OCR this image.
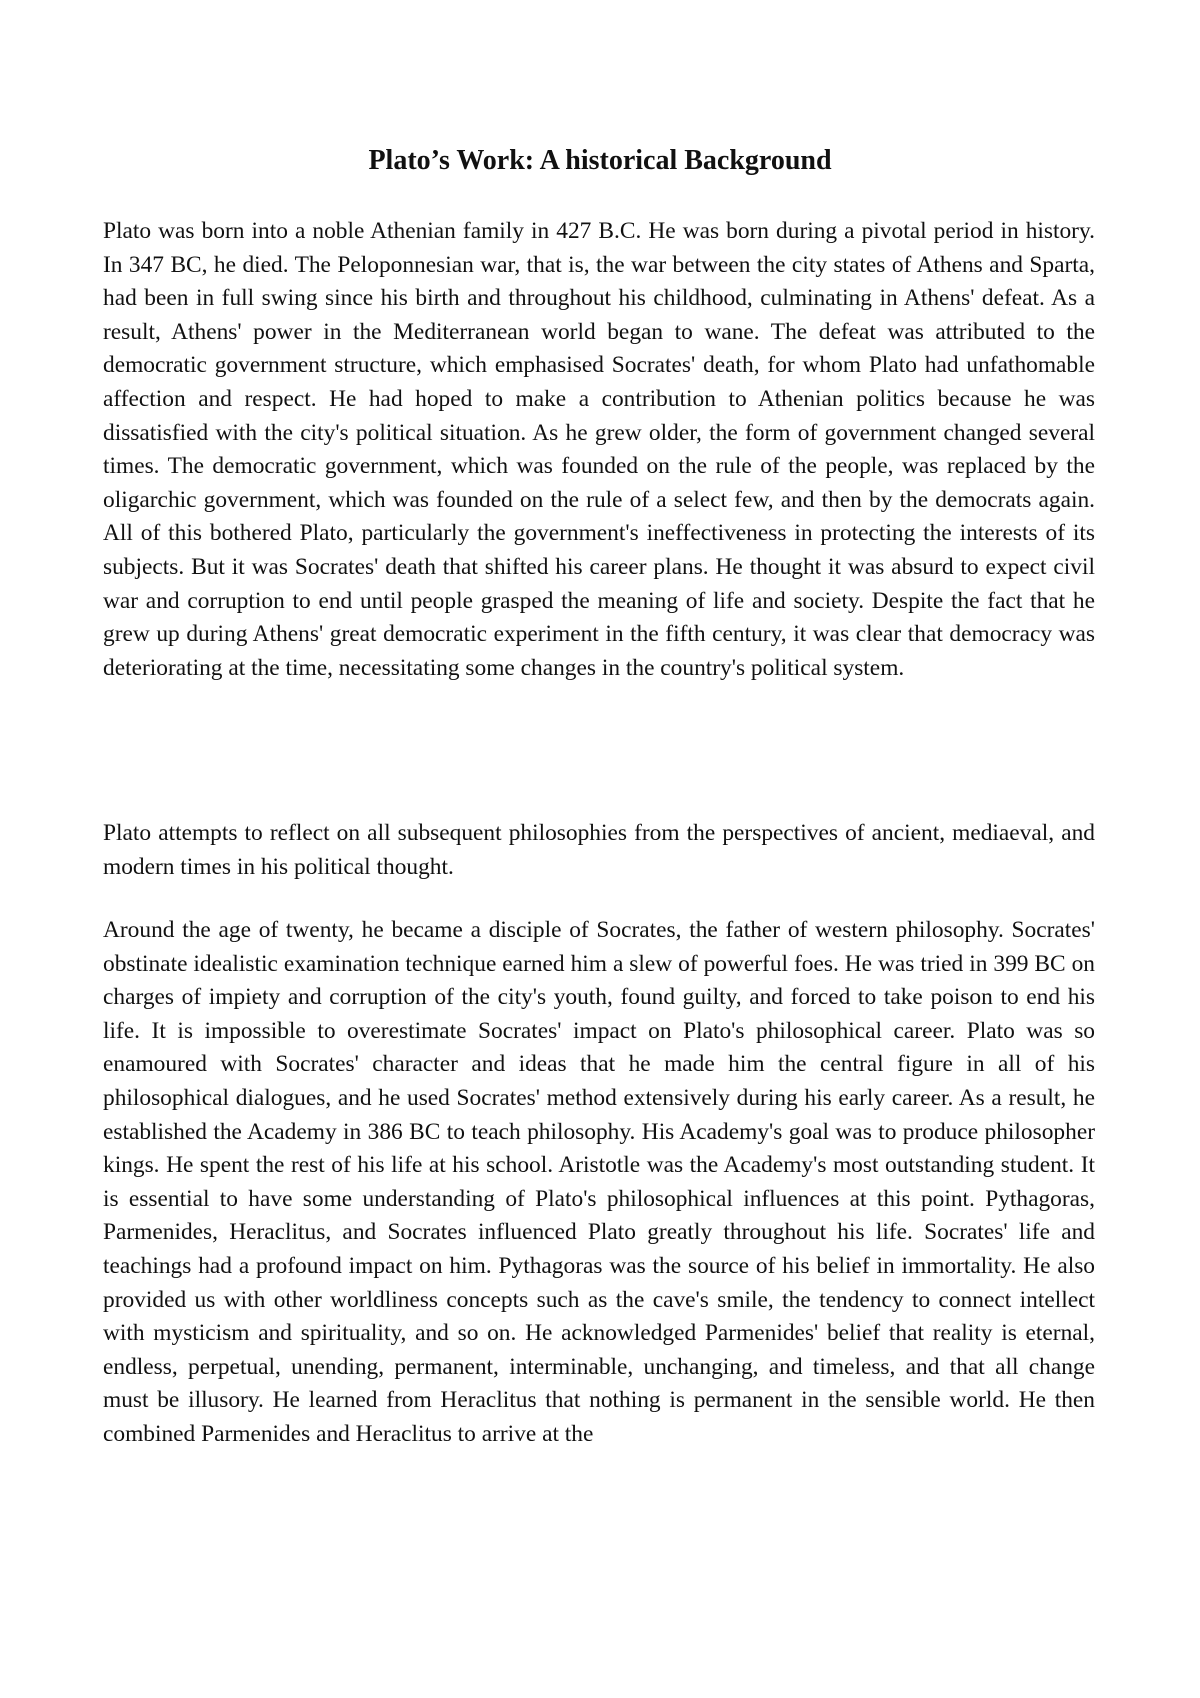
Plato’s Work: A historical Background

Plato was born into a noble Athenian family in 427 B.C. He was born during a pivotal period in history. In 347 BC, he died. The Peloponnesian war, that is, the war between the city states of Athens and Sparta, had been in full swing since his birth and throughout his childhood, culminating in Athens' defeat. As a result, Athens' power in the Mediterranean world began to wane. The defeat was attributed to the democratic government structure, which emphasised Socrates' death, for whom Plato had unfathomable affection and respect. He had hoped to make a contribution to Athenian politics because he was dissatisfied with the city's political situation. As he grew older, the form of government changed several times. The democratic government, which was founded on the rule of the people, was replaced by the oligarchic government, which was founded on the rule of a select few, and then by the democrats again. All of this bothered Plato, particularly the government's ineffectiveness in protecting the interests of its subjects. But it was Socrates' death that shifted his career plans. He thought it was absurd to expect civil war and corruption to end until people grasped the meaning of life and society. Despite the fact that he grew up during Athens' great democratic experiment in the fifth century, it was clear that democracy was deteriorating at the time, necessitating some changes in the country's political system.

Plato attempts to reflect on all subsequent philosophies from the perspectives of ancient, mediaeval, and modern times in his political thought.

Around the age of twenty, he became a disciple of Socrates, the father of western philosophy. Socrates' obstinate idealistic examination technique earned him a slew of powerful foes. He was tried in 399 BC on charges of impiety and corruption of the city's youth, found guilty, and forced to take poison to end his life. It is impossible to overestimate Socrates' impact on Plato's philosophical career. Plato was so enamoured with Socrates' character and ideas that he made him the central figure in all of his philosophical dialogues, and he used Socrates' method extensively during his early career. As a result, he established the Academy in 386 BC to teach philosophy. His Academy's goal was to produce philosopher kings. He spent the rest of his life at his school. Aristotle was the Academy's most outstanding student. It is essential to have some understanding of Plato's philosophical influences at this point. Pythagoras, Parmenides, Heraclitus, and Socrates influenced Plato greatly throughout his life. Socrates' life and teachings had a profound impact on him. Pythagoras was the source of his belief in immortality. He also provided us with other worldliness concepts such as the cave's smile, the tendency to connect intellect with mysticism and spirituality, and so on. He acknowledged Parmenides' belief that reality is eternal, endless, perpetual, unending, permanent, interminable, unchanging, and timeless, and that all change must be illusory. He learned from Heraclitus that nothing is permanent in the sensible world. He then combined Parmenides and Heraclitus to arrive at the
